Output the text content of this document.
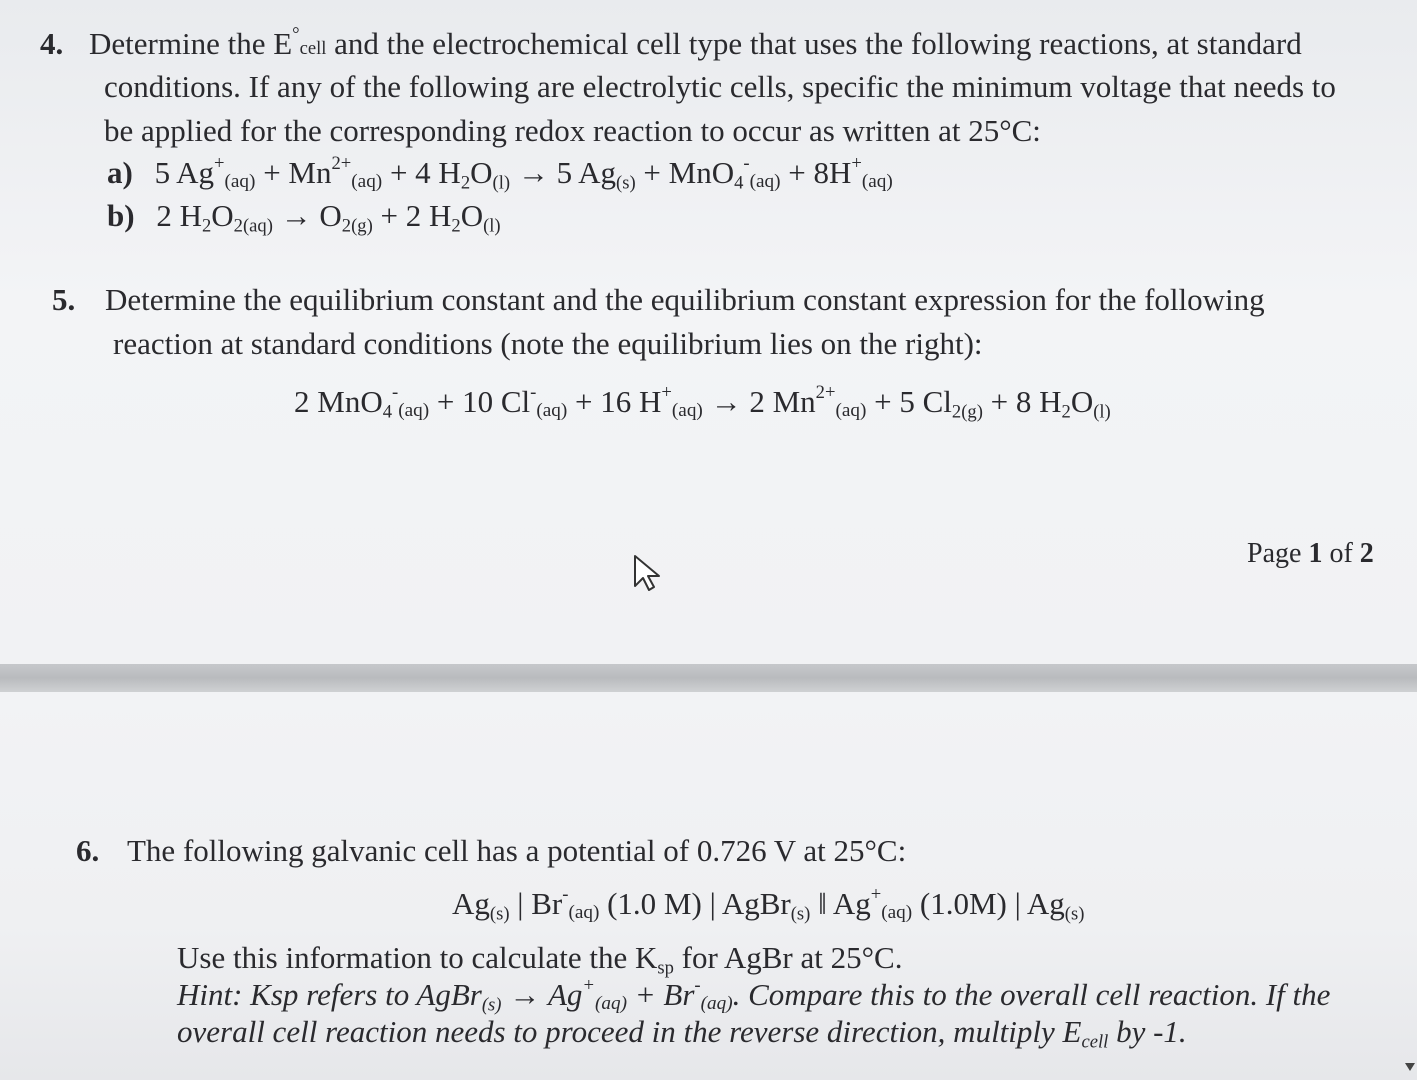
4. Determine the E°cell and the electrochemical cell type that uses the following reactions, at standard
conditions. If any of the following are electrolytic cells, specific the minimum voltage that needs to
be applied for the corresponding redox reaction to occur as written at 25°C:
a) 5 $Ag^+(aq) + Mn^{2+}(aq) + 4$ $H_2O_{(l)} \to 5$ $Ag_{(s)} + MnO_4^-(aq) + 8H^+(aq)$
b) 2 $H_2O_{2(aq)} \to O_{2(g)} + 2$ $H_2O_{(l)}$
5. Determine the equilibrium constant and the equilibrium constant expression for the following
reaction at standard conditions (note the equilibrium lies on the right):
2 MnO$_4$-(aq) + 10 Cl-(aq) + 16 H+(aq) → 2 $Mn^{2+}(aq) + 5$ $Cl_{2(g)} + 8$ $H_2O_{(l)}$
Page 1 of 2
6. The following galvanic cell has a potential of 0.726 V at 25°C:
$Ag_{(s)}$ | Br-(aq) (1.0 M) | AgBr$_{(s)}$ ‖ Ag+(aq) (1.0M) | $Ag_{(s)}$
Use this information to calculate the $K_{sp}$ for AgBr at 25°C.
Hint: Ksp refers to AgBr$_{(s)}$ → Ag+(aq) + Br-(aq). Compare this to the overall cell reaction. If the
overall cell reaction needs to proceed in the reverse direction, multiply $E_{cell}$ by -1.
